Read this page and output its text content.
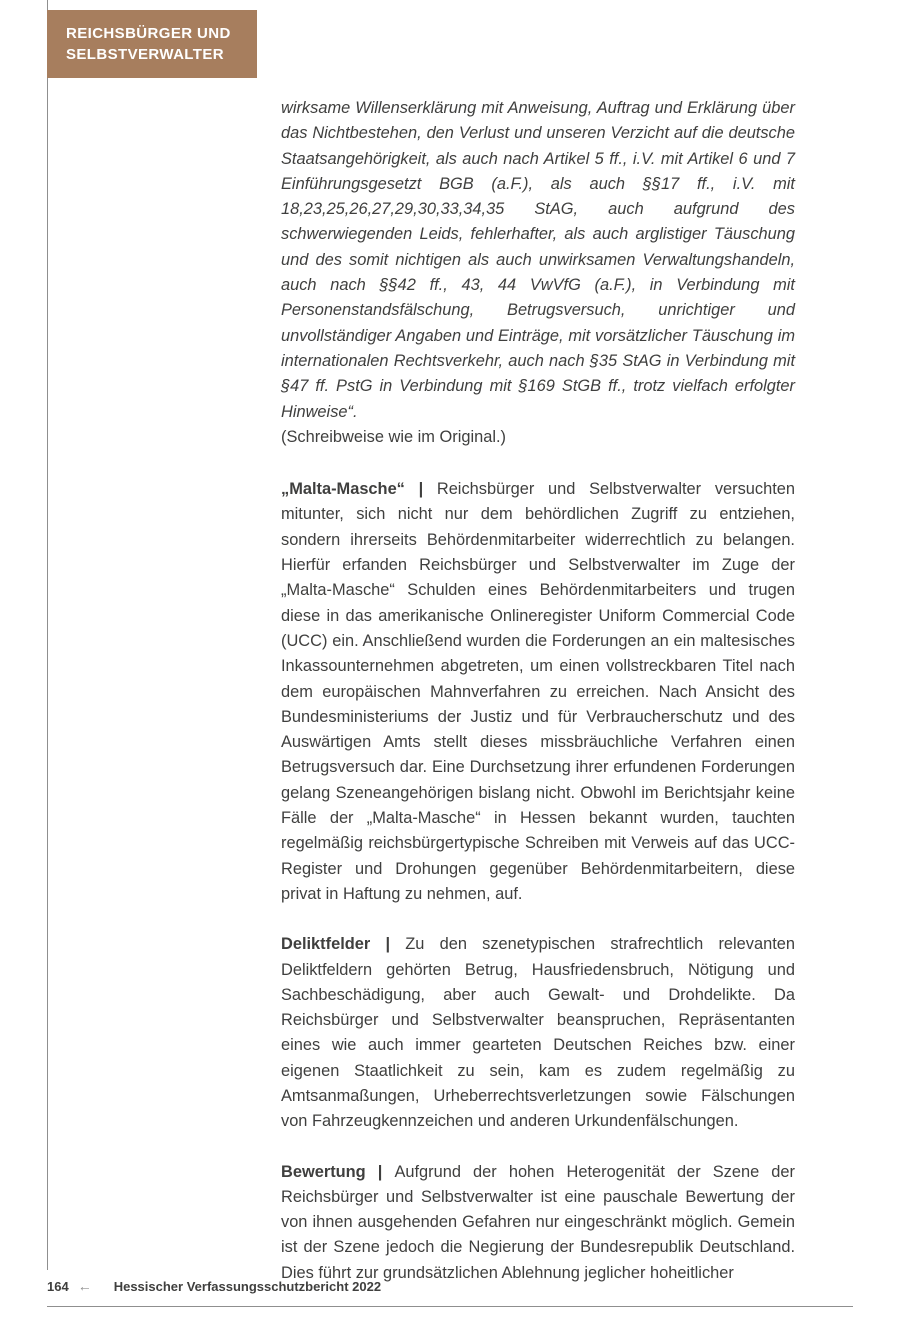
REICHSBÜRGER UND
SELBSTVERWALTER

wirksame Willenserklärung mit Anweisung, Auftrag und Erklärung über das Nichtbestehen, den Verlust und unseren Verzicht auf die deutsche Staatsangehörigkeit, als auch nach Artikel 5 ff., i.V. mit Artikel 6 und 7 Einführungsgesetzt BGB (a.F.), als auch §§17 ff., i.V. mit 18,23,25,26,27,29,30,33,34,35 StAG, auch aufgrund des schwerwiegenden Leids, fehlerhafter, als auch arglistiger Täuschung und des somit nichtigen als auch unwirksamen Verwaltungshandeln, auch nach §§42 ff., 43, 44 VwVfG (a.F.), in Verbindung mit Personenstandsfälschung, Betrugsversuch, unrichtiger und unvollständiger Angaben und Einträge, mit vorsätzlicher Täuschung im internationalen Rechtsverkehr, auch nach §35 StAG in Verbindung mit §47 ff. PstG in Verbindung mit §169 StGB ff., trotz vielfach erfolgter Hinweise“.

(Schreibweise wie im Original.)

„Malta-Masche“ | Reichsbürger und Selbstverwalter versuchten mitunter, sich nicht nur dem behördlichen Zugriff zu entziehen, sondern ihrerseits Behördenmitarbeiter widerrechtlich zu belangen. Hierfür erfanden Reichsbürger und Selbstverwalter im Zuge der „Malta-Masche“ Schulden eines Behördenmitarbeiters und trugen diese in das amerikanische Onlineregister Uniform Commercial Code (UCC) ein. Anschließend wurden die Forderungen an ein maltesisches Inkassounternehmen abgetreten, um einen vollstreckbaren Titel nach dem europäischen Mahnverfahren zu erreichen. Nach Ansicht des Bundesministeriums der Justiz und für Verbraucherschutz und des Auswärtigen Amts stellt dieses missbräuchliche Verfahren einen Betrugsversuch dar. Eine Durchsetzung ihrer erfundenen Forderungen gelang Szeneangehörigen bislang nicht. Obwohl im Berichtsjahr keine Fälle der „Malta-Masche“ in Hessen bekannt wurden, tauchten regelmäßig reichsbürgertypische Schreiben mit Verweis auf das UCC-Register und Drohungen gegenüber Behördenmitarbeitern, diese privat in Haftung zu nehmen, auf.

Deliktfelder | Zu den szenetypischen strafrechtlich relevanten Deliktfeldern gehörten Betrug, Hausfriedensbruch, Nötigung und Sachbeschädigung, aber auch Gewalt- und Drohdelikte. Da Reichsbürger und Selbstverwalter beanspruchen, Repräsentanten eines wie auch immer gearteten Deutschen Reiches bzw. einer eigenen Staatlichkeit zu sein, kam es zudem regelmäßig zu Amtsanmaßungen, Urheberrechtsverletzungen sowie Fälschungen von Fahrzeugkennzeichen und anderen Urkundenfälschungen.

Bewertung | Aufgrund der hohen Heterogenität der Szene der Reichsbürger und Selbstverwalter ist eine pauschale Bewertung der von ihnen ausgehenden Gefahren nur eingeschränkt möglich. Gemein ist der Szene jedoch die Negierung der Bundesrepublik Deutschland. Dies führt zur grundsätzlichen Ablehnung jeglicher hoheitlicher

164 ← Hessischer Verfassungsschutzbericht 2022
